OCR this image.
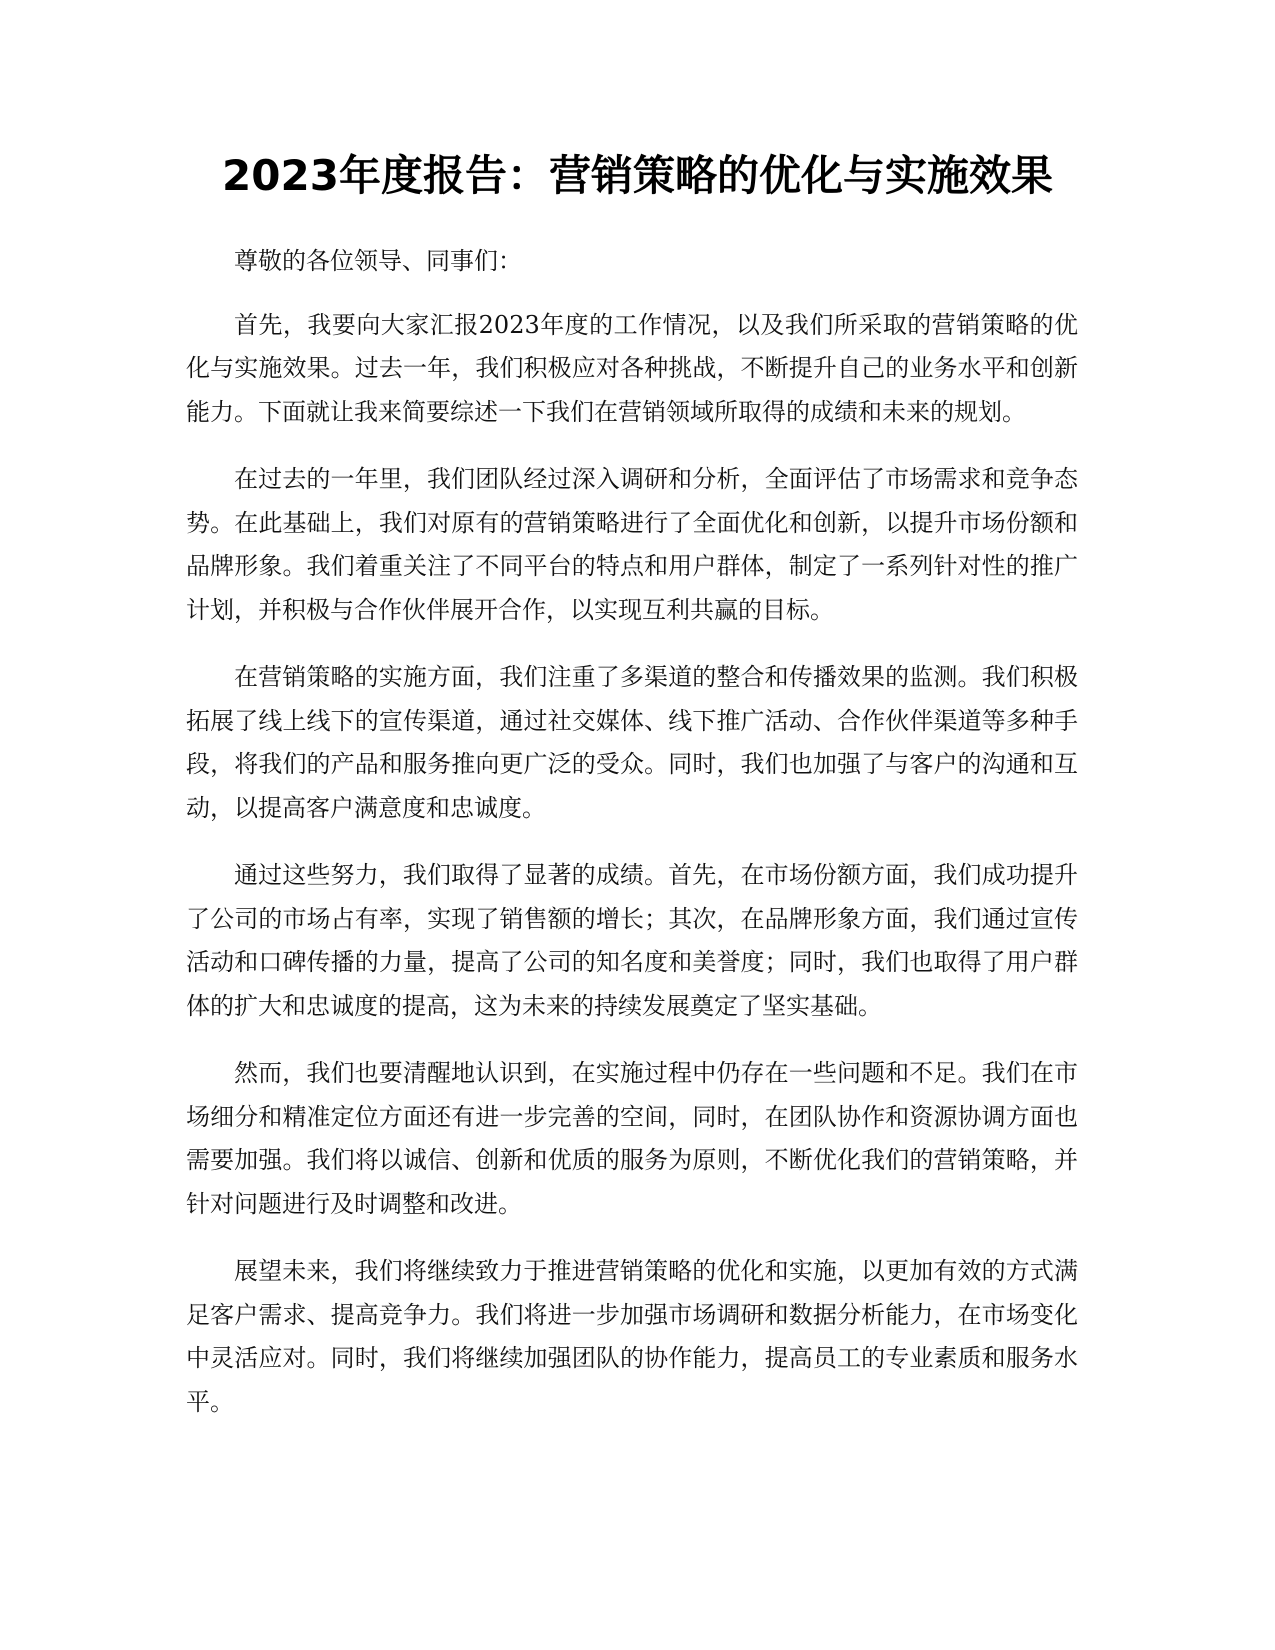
2023年度报告：营销策略的优化与实施效果

尊敬的各位领导、同事们：

首先，我要向大家汇报2023年度的工作情况，以及我们所采取的营销策略的优化与实施效果。过去一年，我们积极应对各种挑战，不断提升自己的业务水平和创新能力。下面就让我来简要综述一下我们在营销领域所取得的成绩和未来的规划。

在过去的一年里，我们团队经过深入调研和分析，全面评估了市场需求和竞争态势。在此基础上，我们对原有的营销策略进行了全面优化和创新，以提升市场份额和品牌形象。我们着重关注了不同平台的特点和用户群体，制定了一系列针对性的推广计划，并积极与合作伙伴展开合作，以实现互利共赢的目标。

在营销策略的实施方面，我们注重了多渠道的整合和传播效果的监测。我们积极拓展了线上线下的宣传渠道，通过社交媒体、线下推广活动、合作伙伴渠道等多种手段，将我们的产品和服务推向更广泛的受众。同时，我们也加强了与客户的沟通和互动，以提高客户满意度和忠诚度。

通过这些努力，我们取得了显著的成绩。首先，在市场份额方面，我们成功提升了公司的市场占有率，实现了销售额的增长；其次，在品牌形象方面，我们通过宣传活动和口碑传播的力量，提高了公司的知名度和美誉度；同时，我们也取得了用户群体的扩大和忠诚度的提高，这为未来的持续发展奠定了坚实基础。

然而，我们也要清醒地认识到，在实施过程中仍存在一些问题和不足。我们在市场细分和精准定位方面还有进一步完善的空间，同时，在团队协作和资源协调方面也需要加强。我们将以诚信、创新和优质的服务为原则，不断优化我们的营销策略，并针对问题进行及时调整和改进。

展望未来，我们将继续致力于推进营销策略的优化和实施，以更加有效的方式满足客户需求、提高竞争力。我们将进一步加强市场调研和数据分析能力，在市场变化中灵活应对。同时，我们将继续加强团队的协作能力，提高员工的专业素质和服务水平。
